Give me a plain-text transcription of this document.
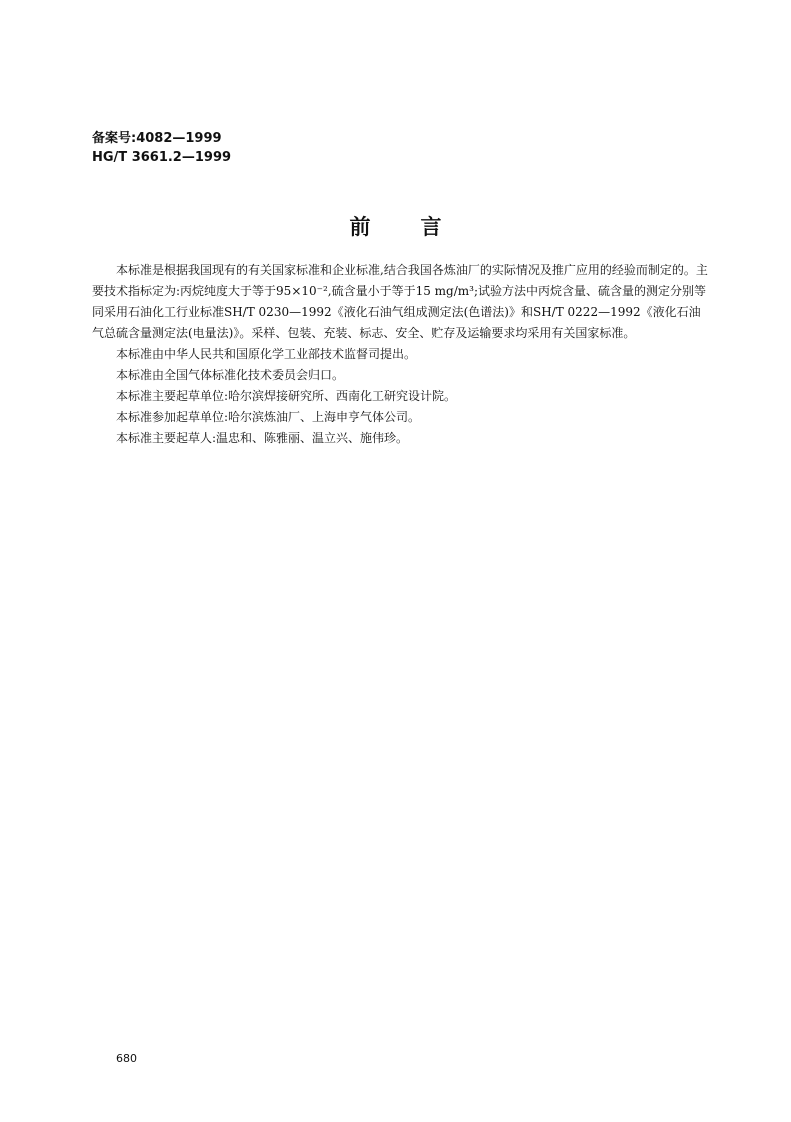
备案号:4082—1999
HG/T 3661.2—1999
前 言

本标准是根据我国现有的有关国家标准和企业标准,结合我国各炼油厂的实际情况及推广应用的经验而制定的。主要技术指标定为:丙烷纯度大于等于95×10⁻²,硫含量小于等于15 mg/m³;试验方法中丙烷含量、硫含量的测定分别等同采用石油化工行业标准SH/T 0230—1992《液化石油气组成测定法(色谱法)》和SH/T 0222—1992《液化石油气总硫含量测定法(电量法)》。采样、包装、充装、标志、安全、贮存及运输要求均采用有关国家标准。

本标准由中华人民共和国原化学工业部技术监督司提出。

本标准由全国气体标准化技术委员会归口。

本标准主要起草单位:哈尔滨焊接研究所、西南化工研究设计院。

本标准参加起草单位:哈尔滨炼油厂、上海申亨气体公司。

本标准主要起草人:温忠和、陈雅丽、温立兴、施伟珍。

680
